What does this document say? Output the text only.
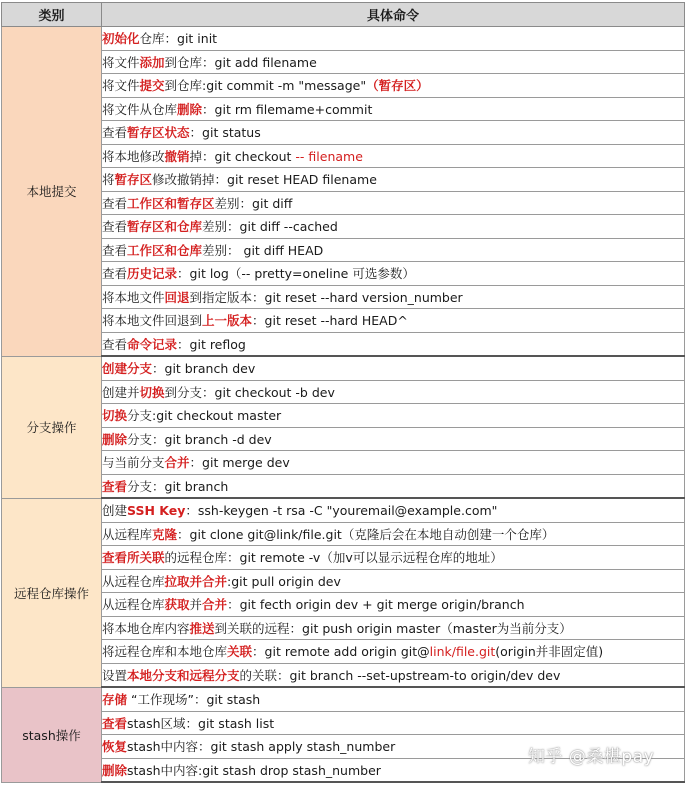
类别	具体命令
本地提交	初始化仓库：git init
	将文件添加到仓库：git add filename
	将文件提交到仓库:git commit -m "message"（暂存区）
	将文件从仓库删除：git rm filemame+commit
	查看暂存区状态：git status
	将本地修改撤销掉：git checkout -- filename
	将暂存区修改撤销掉：git reset HEAD filename
	查看工作区和暂存区差别：git diff
	查看暂存区和仓库差别：git diff --cached
	查看工作区和仓库差别： git diff HEAD
	查看历史记录：git log（-- pretty=oneline 可选参数）
	将本地文件回退到指定版本：git reset --hard version_number
	将本地文件回退到上一版本：git reset --hard HEAD^
	查看命令记录：git reflog
分支操作	创建分支：git branch dev
	创建并切换到分支：git checkout -b dev
	切换分支:git checkout master
	删除分支：git branch -d dev
	与当前分支合并：git merge dev
	查看分支：git branch
远程仓库操作	创建SSH Key：ssh-keygen -t rsa -C "youremail@example.com"
	从远程库克隆：git clone git@link/file.git（克隆后会在本地自动创建一个仓库）
	查看所关联的远程仓库：git remote -v（加v可以显示远程仓库的地址）
	从远程仓库拉取并合并:git pull origin dev
	从远程仓库获取并合并：git fecth origin dev + git merge origin/branch
	将本地仓库内容推送到关联的远程：git push origin master（master为当前分支）
	将远程仓库和本地仓库关联：git remote add origin git@link/file.git(origin并非固定值)
	设置本地分支和远程分支的关联：git branch --set-upstream-to origin/dev dev
stash操作	存储 “工作现场”：git stash
	查看stash区域：git stash list
	恢复stash中内容：git stash apply stash_number
	删除stash中内容:git stash drop stash_number
知乎 @桑椹pay
